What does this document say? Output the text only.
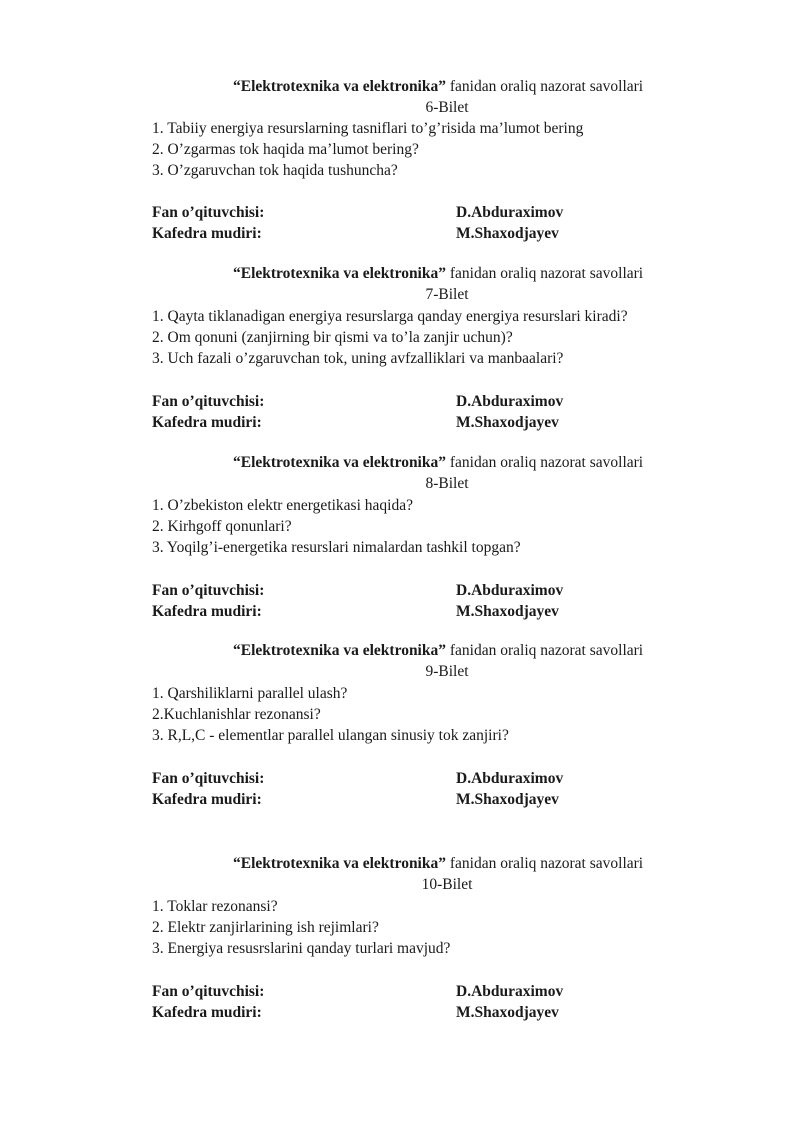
“Elektrotexnika va elektronika” fanidan oraliq nazorat savollari
6-Bilet
1. Tabiiy energiya resurslarning tasniflari to’g’risida ma’lumot bering
2. O’zgarmas tok haqida ma’lumot bering?
3. O’zgaruvchan tok haqida tushuncha?
Fan o’qituvchisi:	D.Abduraximov
Kafedra mudiri:	M.Shaxodjayev
“Elektrotexnika va elektronika” fanidan oraliq nazorat savollari
7-Bilet
1. Qayta tiklanadigan energiya resurslarga qanday energiya resurslari kiradi?
2. Om qonuni (zanjirning bir qismi va to’la zanjir uchun)?
3. Uch fazali o’zgaruvchan tok, uning avfzalliklari va manbaalari?
Fan o’qituvchisi:	D.Abduraximov
Kafedra mudiri:	M.Shaxodjayev
“Elektrotexnika va elektronika” fanidan oraliq nazorat savollari
8-Bilet
1. O’zbekiston elektr energetikasi haqida?
2. Kirhgoff qonunlari?
3. Yoqilg’i-energetika resurslari nimalardan tashkil topgan?
Fan o’qituvchisi:	D.Abduraximov
Kafedra mudiri:	M.Shaxodjayev
“Elektrotexnika va elektronika” fanidan oraliq nazorat savollari
9-Bilet
1. Qarshiliklarni parallel ulash?
2.Kuchlanishlar rezonansi?
3. R,L,C - elementlar parallel ulangan sinusiy tok zanjiri?
Fan o’qituvchisi:	D.Abduraximov
Kafedra mudiri:	M.Shaxodjayev
“Elektrotexnika va elektronika” fanidan oraliq nazorat savollari
10-Bilet
1. Toklar rezonansi?
2. Elektr zanjirlarining ish rejimlari?
3. Energiya resusrslarini qanday turlari mavjud?
Fan o’qituvchisi:	D.Abduraximov
Kafedra mudiri:	M.Shaxodjayev
